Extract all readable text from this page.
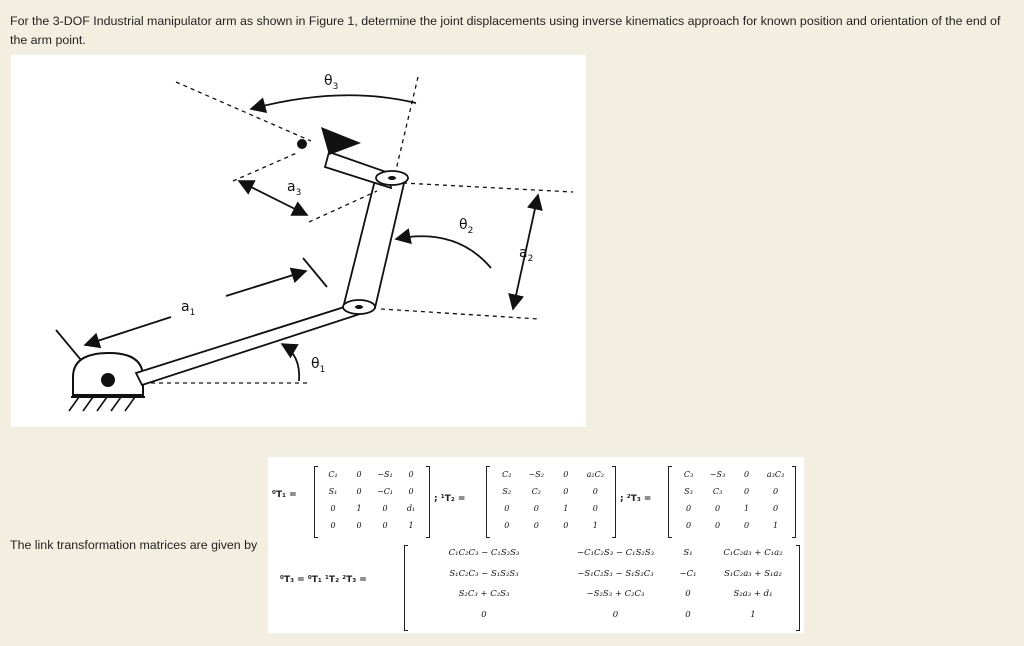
For the 3-DOF Industrial manipulator arm as shown in Figure 1, determine the joint displacements using inverse kinematics approach for known position and orientation of the end of the arm point.

$\theta_3$
$a_3$
$\theta_2$
$a_2$
$a_1$
$\theta_1$

The link transformation matrices are given by

⁰T₁ =
C₁	0	−S₁	0
S₁	0	−C₁	0
0	1	0	d₁
0	0	0	1
; ¹T₂ =
C₂	−S₂	0	a₂C₂
S₂	C₂	0	0
0	0	1	0
0	0	0	1
; ²T₃ =
C₃	−S₃	0	a₃C₃
S₃	C₃	0	0
0	0	1	0
0	0	0	1
⁰T₃ = ⁰T₁ ¹T₂ ²T₃ =
C₁C₂C₃ − C₁S₂S₃	−C₁C₂S₃ − C₁S₂S₃	S₁	C₁C₂a₃ + C₁a₂
S₁C₂C₃ − S₁S₂S₃	−S₁C₂S₃ − S₁S₂C₃	−C₁	S₁C₂a₃ + S₁a₂
S₂C₃ + C₂S₃	−S₂S₃ + C₂C₃	0	S₂a₃ + d₁
0	0	0	1
